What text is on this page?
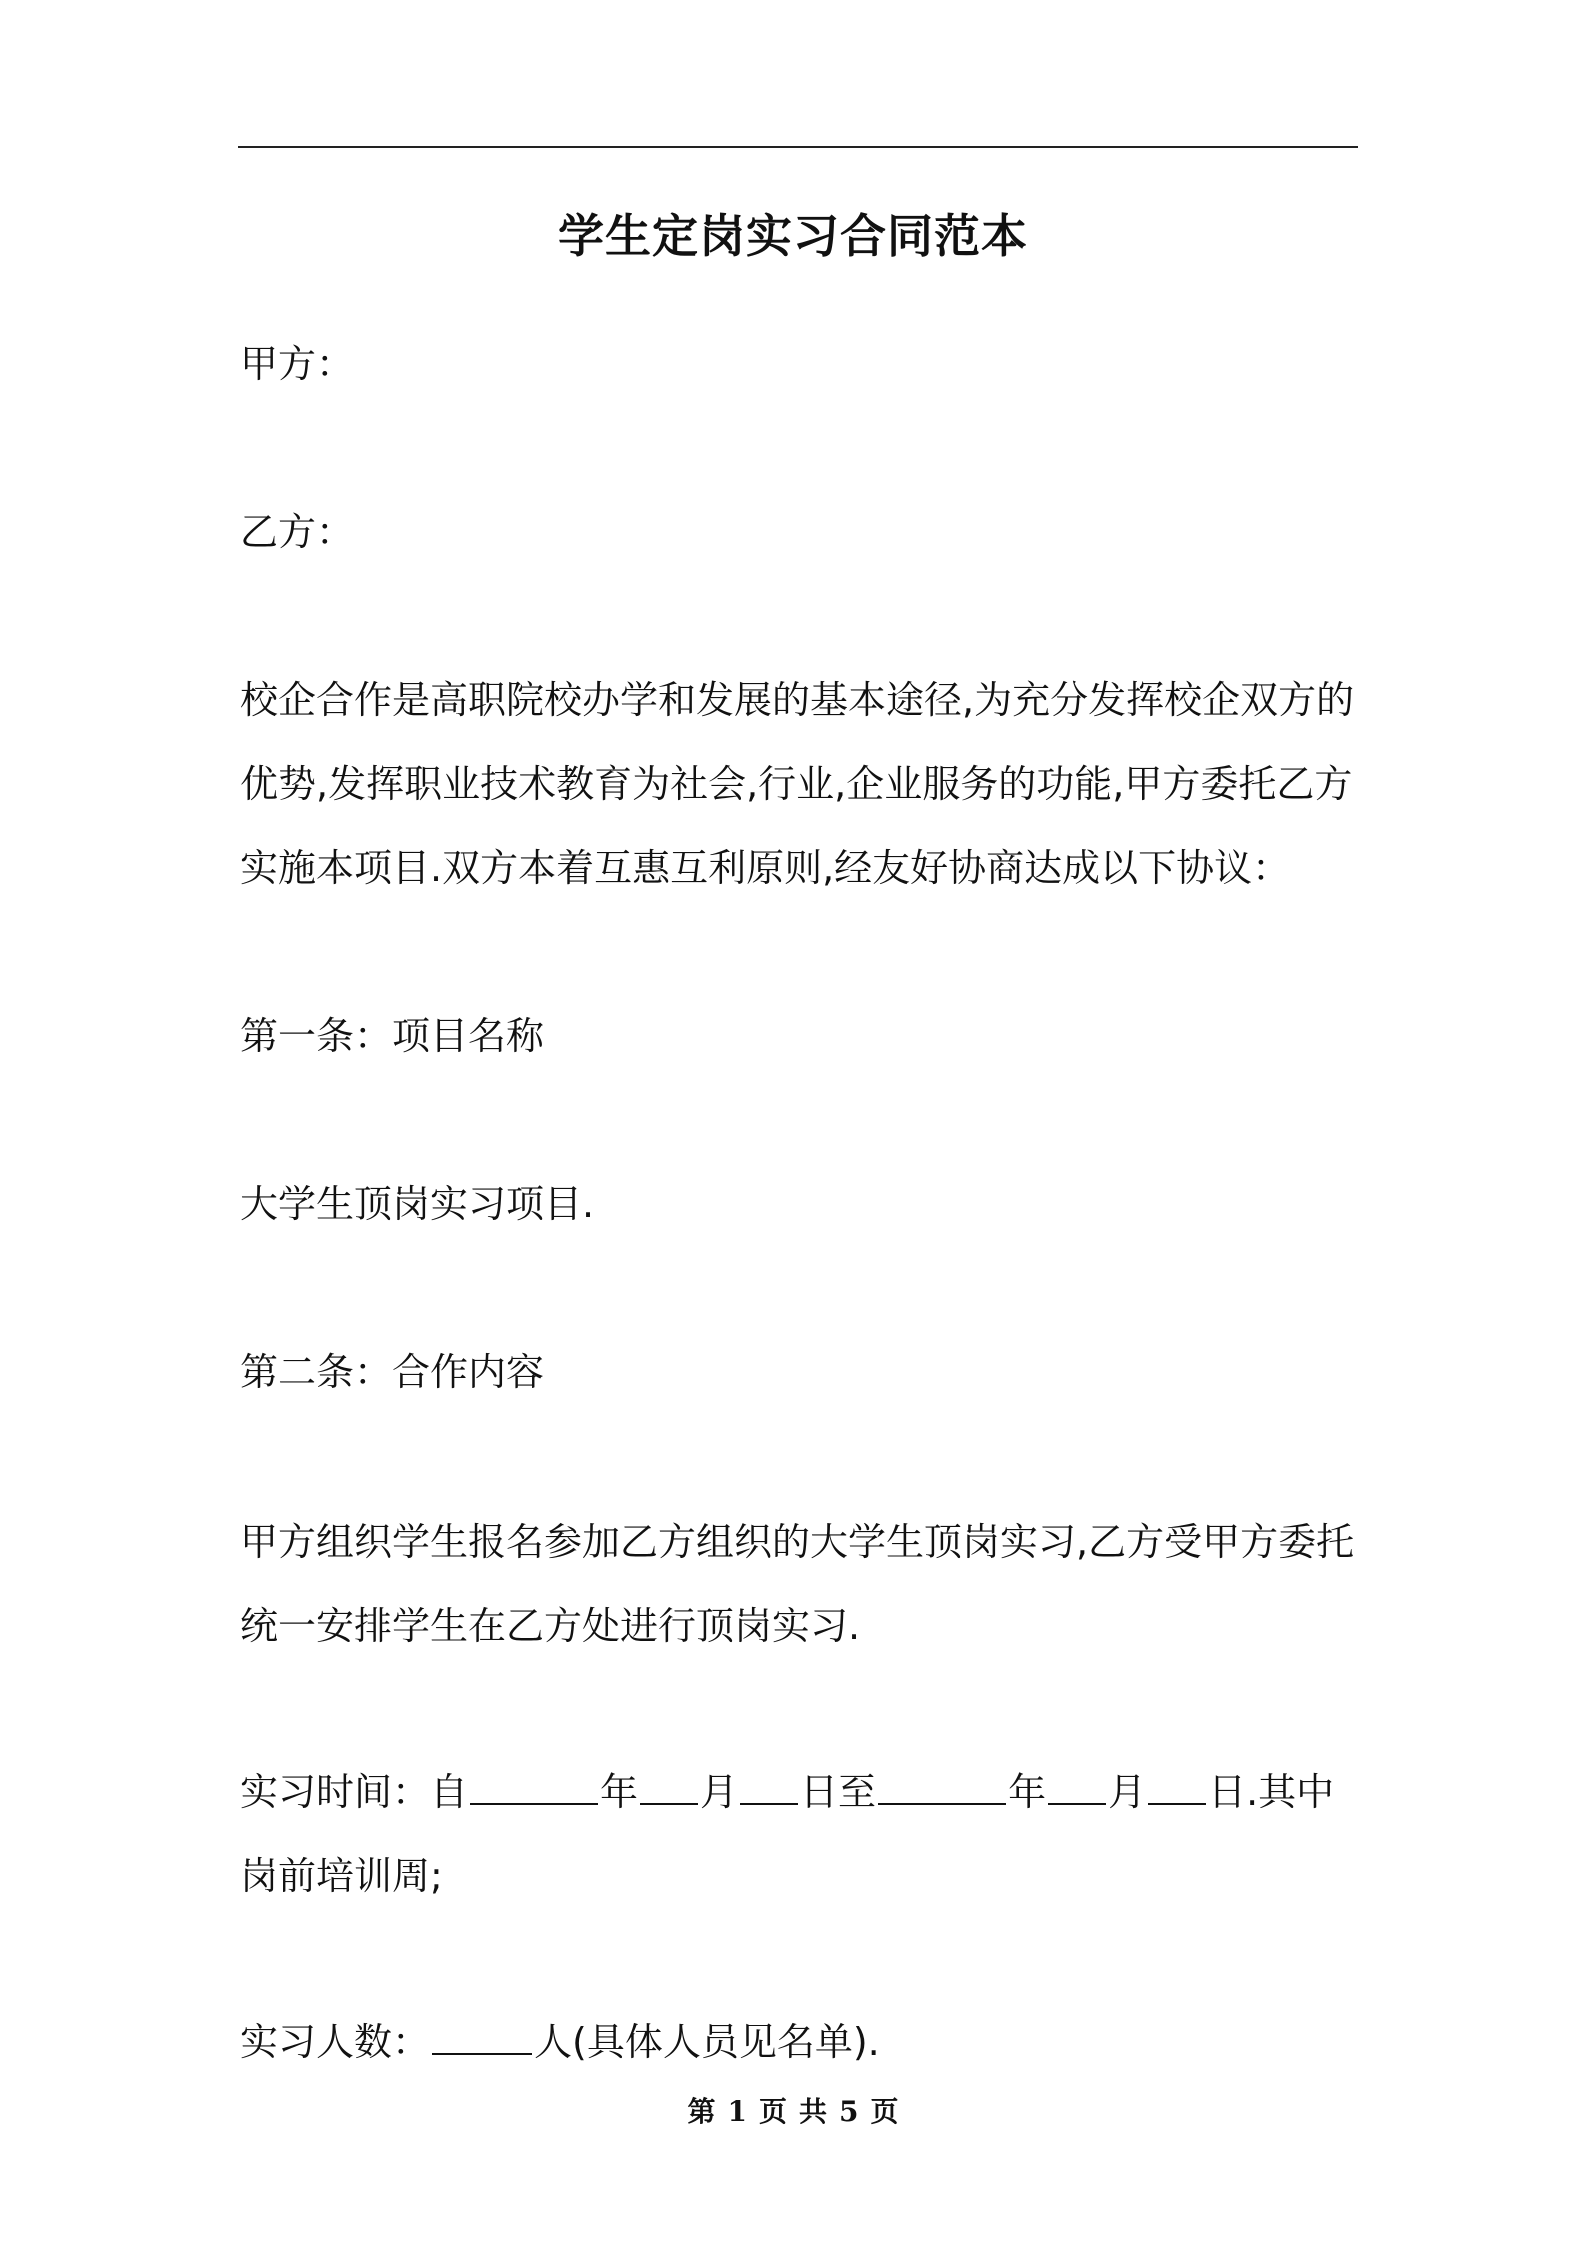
学生定岗实习合同范本
甲方：
乙方：
校企合作是高职院校办学和发展的基本途径,为充分发挥校企双方的
优势,发挥职业技术教育为社会,行业,企业服务的功能,甲方委托乙方
实施本项目.双方本着互惠互利原则,经友好协商达成以下协议：
第一条：项目名称
大学生顶岗实习项目.
第二条：合作内容
甲方组织学生报名参加乙方组织的大学生顶岗实习,乙方受甲方委托
统一安排学生在乙方处进行顶岗实习.
实习时间：自	年 月 日至	年 月 日.其中
岗前培训周;
实习人数：	人(具体人员见名单).
第 1 页 共 5 页
